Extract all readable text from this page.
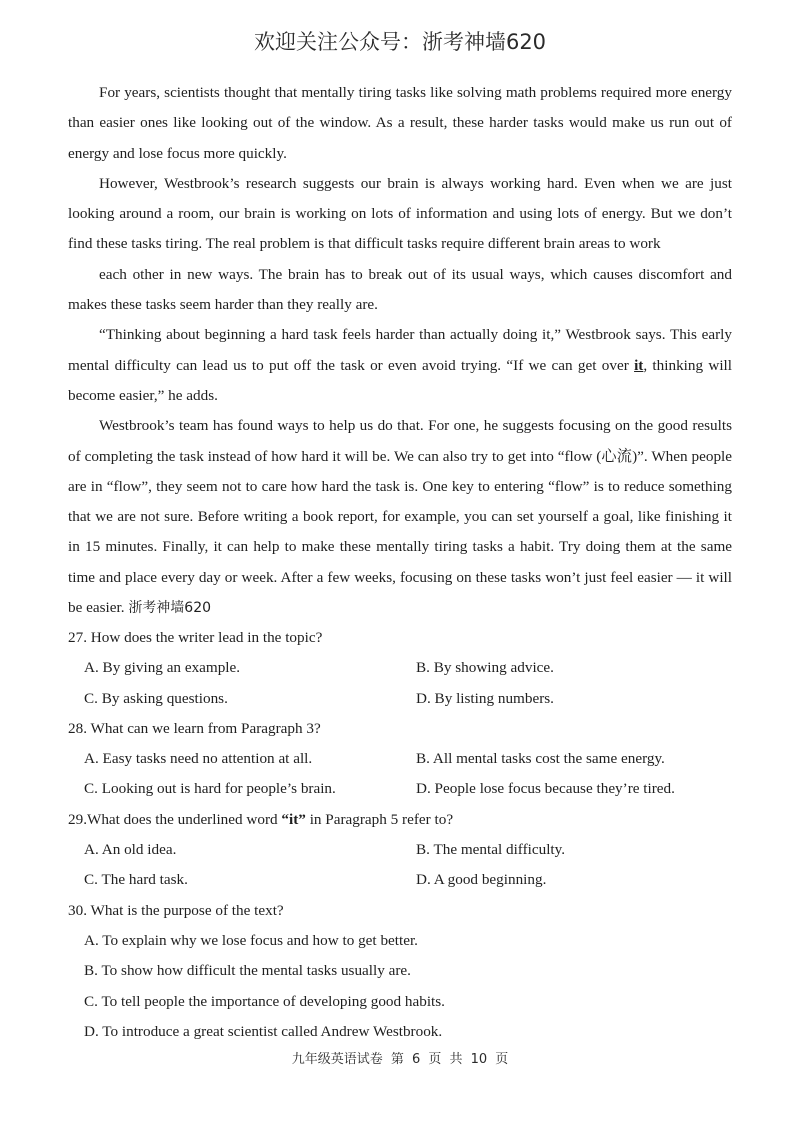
欢迎关注公众号：浙考神墙620

For years, scientists thought that mentally tiring tasks like solving math problems required more energy than easier ones like looking out of the window. As a result, these harder tasks would make us run out of energy and lose focus more quickly.

However, Westbrook’s research suggests our brain is always working hard. Even when we are just looking around a room, our brain is working on lots of information and using lots of energy. But we don’t find these tasks tiring. The real problem is that difficult tasks require different brain areas to work

each other in new ways. The brain has to break out of its usual ways, which causes discomfort and makes these tasks seem harder than they really are.

“Thinking about beginning a hard task feels harder than actually doing it,” Westbrook says. This early mental difficulty can lead us to put off the task or even avoid trying. “If we can get over it, thinking will become easier,” he adds.

Westbrook’s team has found ways to help us do that. For one, he suggests focusing on the good results of completing the task instead of how hard it will be. We can also try to get into “flow (心流)”. When people are in “flow”, they seem not to care how hard the task is. One key to entering “flow” is to reduce something that we are not sure. Before writing a book report, for example, you can set yourself a goal, like finishing it in 15 minutes. Finally, it can help to make these mentally tiring tasks a habit. Try doing them at the same time and place every day or week. After a few weeks, focusing on these tasks won’t just feel easier — it will be easier. 浙考神墙620

27. How does the writer lead in the topic?

A. By giving an example.	B. By showing advice.
C. By asking questions.	D. By listing numbers.

28. What can we learn from Paragraph 3?

A. Easy tasks need no attention at all.	B. All mental tasks cost the same energy.
C. Looking out is hard for people’s brain.	D. People lose focus because they’re tired.

29.What does the underlined word “it” in Paragraph 5 refer to?

A. An old idea.	B. The mental difficulty.
C. The hard task.	D. A good beginning.

30. What is the purpose of the text?

A. To explain why we lose focus and how to get better.
B. To show how difficult the mental tasks usually are.
C. To tell people the importance of developing good habits.
D. To introduce a great scientist called Andrew Westbrook.
九年级英语试卷 第 6 页 共 10 页
